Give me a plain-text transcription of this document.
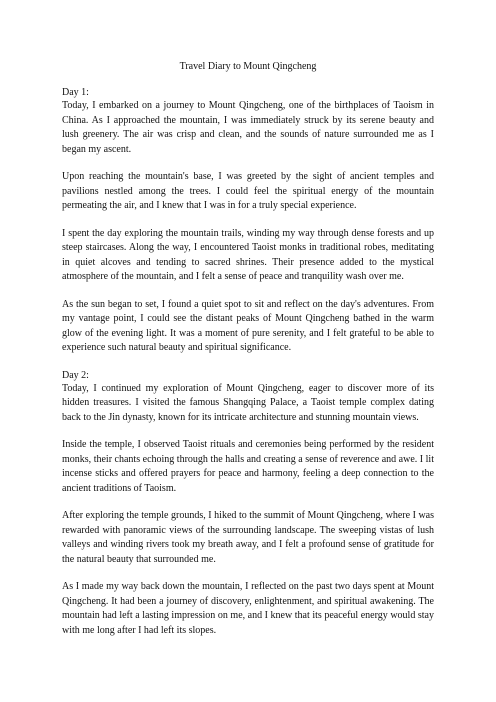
Travel Diary to Mount Qingcheng

Day 1:

Today, I embarked on a journey to Mount Qingcheng, one of the birthplaces of Taoism in China. As I approached the mountain, I was immediately struck by its serene beauty and lush greenery. The air was crisp and clean, and the sounds of nature surrounded me as I began my ascent.

Upon reaching the mountain's base, I was greeted by the sight of ancient temples and pavilions nestled among the trees. I could feel the spiritual energy of the mountain permeating the air, and I knew that I was in for a truly special experience.

I spent the day exploring the mountain trails, winding my way through dense forests and up steep staircases. Along the way, I encountered Taoist monks in traditional robes, meditating in quiet alcoves and tending to sacred shrines. Their presence added to the mystical atmosphere of the mountain, and I felt a sense of peace and tranquility wash over me.

As the sun began to set, I found a quiet spot to sit and reflect on the day's adventures. From my vantage point, I could see the distant peaks of Mount Qingcheng bathed in the warm glow of the evening light. It was a moment of pure serenity, and I felt grateful to be able to experience such natural beauty and spiritual significance.

Day 2:

Today, I continued my exploration of Mount Qingcheng, eager to discover more of its hidden treasures. I visited the famous Shangqing Palace, a Taoist temple complex dating back to the Jin dynasty, known for its intricate architecture and stunning mountain views.

Inside the temple, I observed Taoist rituals and ceremonies being performed by the resident monks, their chants echoing through the halls and creating a sense of reverence and awe. I lit incense sticks and offered prayers for peace and harmony, feeling a deep connection to the ancient traditions of Taoism.

After exploring the temple grounds, I hiked to the summit of Mount Qingcheng, where I was rewarded with panoramic views of the surrounding landscape. The sweeping vistas of lush valleys and winding rivers took my breath away, and I felt a profound sense of gratitude for the natural beauty that surrounded me.

As I made my way back down the mountain, I reflected on the past two days spent at Mount Qingcheng. It had been a journey of discovery, enlightenment, and spiritual awakening. The mountain had left a lasting impression on me, and I knew that its peaceful energy would stay with me long after I had left its slopes.
